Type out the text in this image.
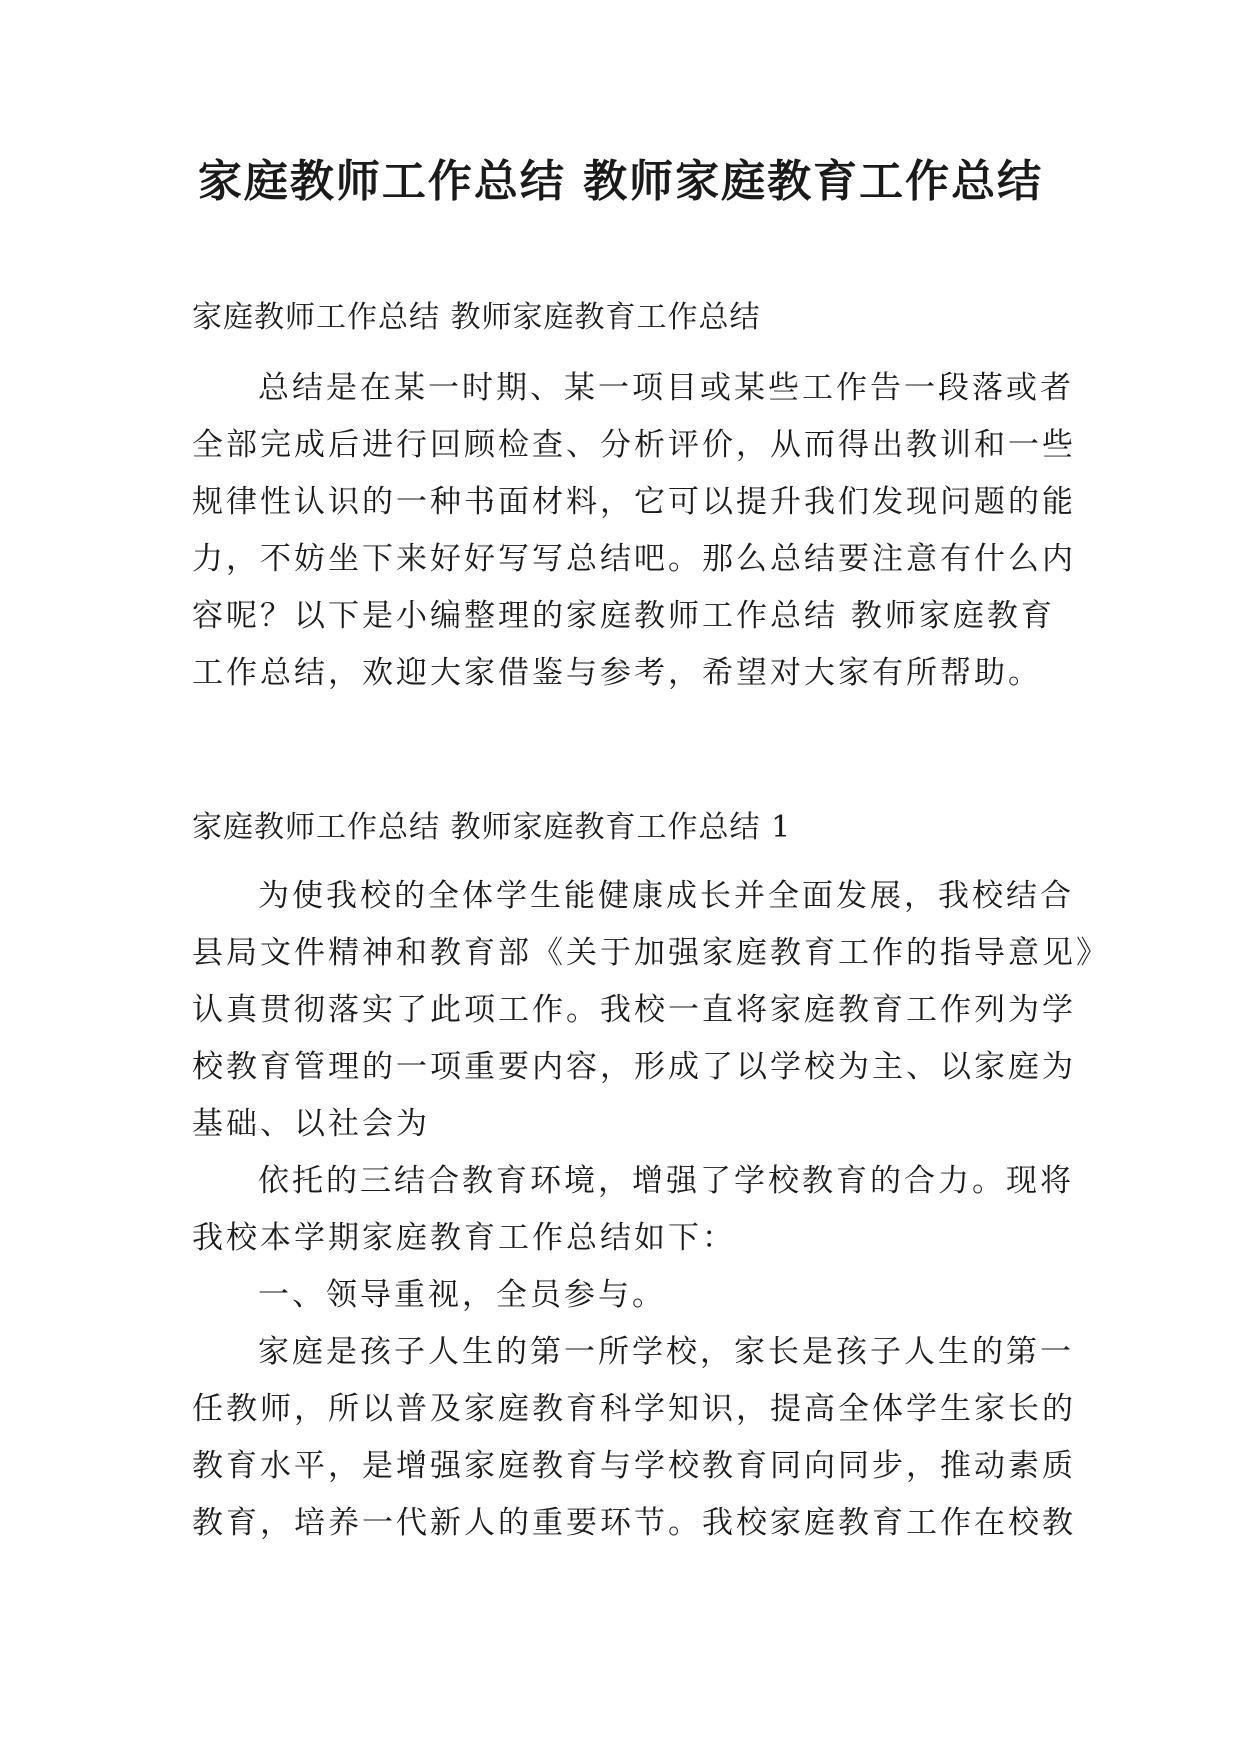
家庭教师工作总结 教师家庭教育工作总结

家庭教师工作总结 教师家庭教育工作总结

总结是在某一时期、某一项目或某些工作告一段落或者
全部完成后进行回顾检查、分析评价，从而得出教训和一些
规律性认识的一种书面材料，它可以提升我们发现问题的能
力，不妨坐下来好好写写总结吧。那么总结要注意有什么内
容呢？以下是小编整理的家庭教师工作总结 教师家庭教育
工作总结，欢迎大家借鉴与参考，希望对大家有所帮助。

家庭教师工作总结 教师家庭教育工作总结 1

为使我校的全体学生能健康成长并全面发展，我校结合
县局文件精神和教育部《关于加强家庭教育工作的指导意见》
认真贯彻落实了此项工作。我校一直将家庭教育工作列为学
校教育管理的一项重要内容，形成了以学校为主、以家庭为
基础、以社会为
依托的三结合教育环境，增强了学校教育的合力。现将
我校本学期家庭教育工作总结如下：
一、领导重视，全员参与。
家庭是孩子人生的第一所学校，家长是孩子人生的第一
任教师，所以普及家庭教育科学知识，提高全体学生家长的
教育水平，是增强家庭教育与学校教育同向同步，推动素质
教育，培养一代新人的重要环节。我校家庭教育工作在校教
